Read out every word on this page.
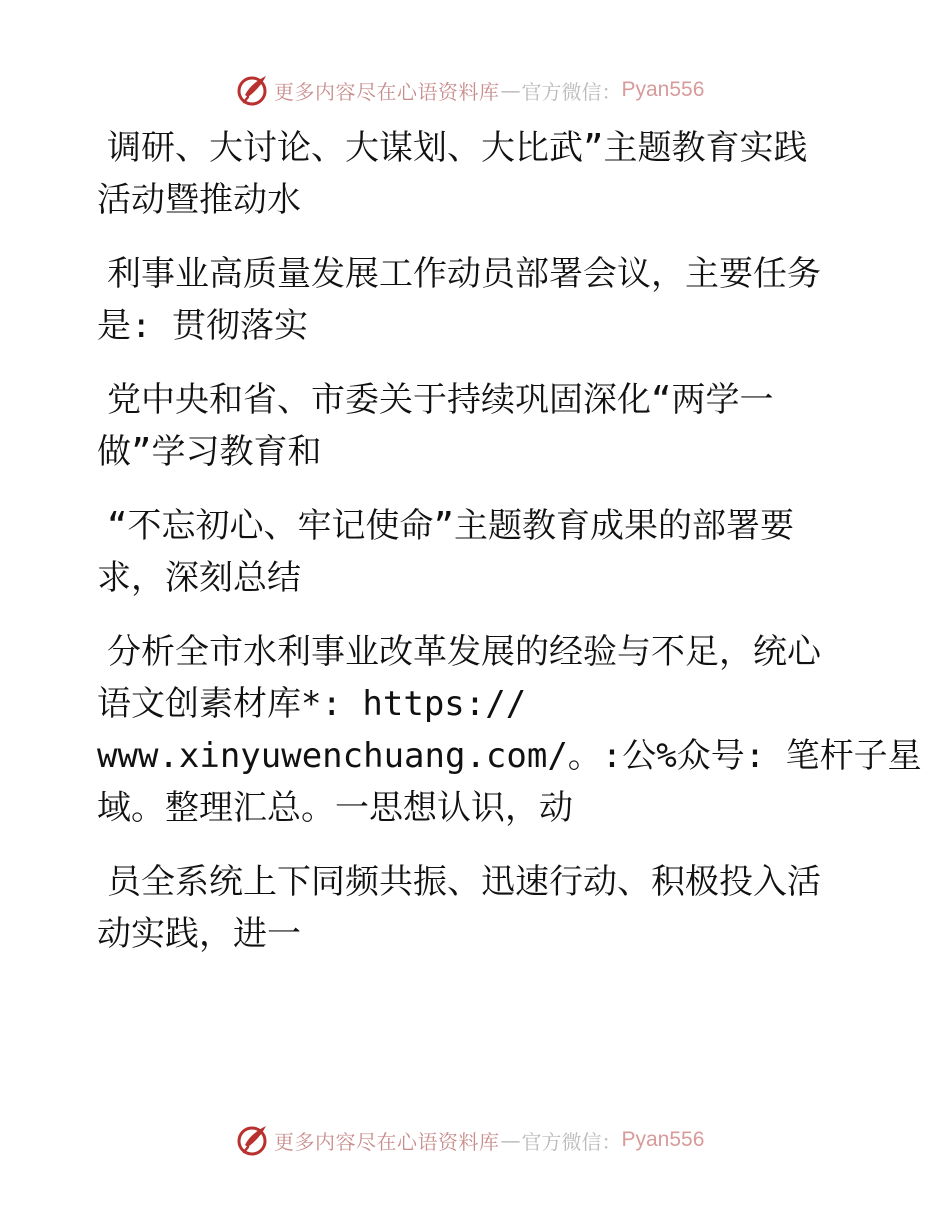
更多内容尽在心语资料库 — 官方微信： Pyan556
调研、大讨论、大谋划、大比武”主题教育实践
活动暨推动水
利事业高质量发展工作动员部署会议，主要任务
是: 贯彻落实
党中央和省、市委关于持续巩固深化“两学一
做”学习教育和
“不忘初心、牢记使命”主题教育成果的部署要
求，深刻总结
分析全市水利事业改革发展的经验与不足，统心
语文创素材库*: https://
www.xinyuwenchuang.com/。:公%众号: 笔杆子星
域。整理汇总。一思想认识，动
员全系统上下同频共振、迅速行动、积极投入活
动实践，进一
更多内容尽在心语资料库 — 官方微信： Pyan556
